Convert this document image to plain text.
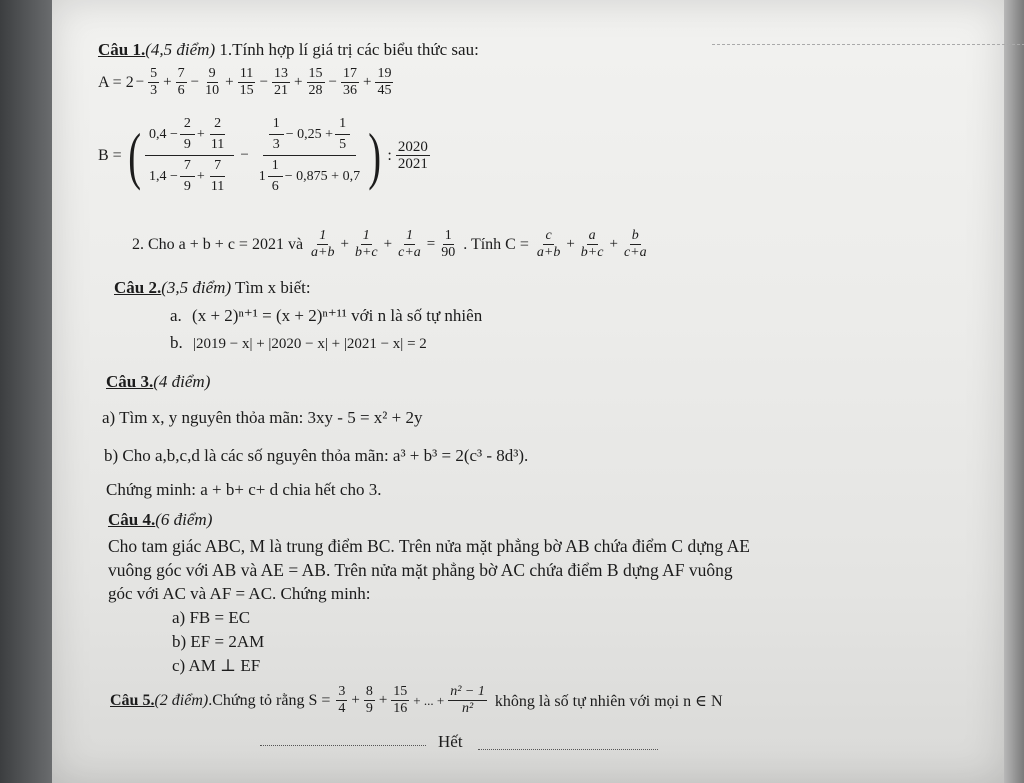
Câu 1.(4,5 điểm) 1.Tính hợp lí giá trị các biểu thức sau:
$A = 2 - \frac{5}{3} + \frac{7}{6} - \frac{9}{10} + \frac{11}{15} - \frac{13}{21} + \frac{15}{28} - \frac{17}{36} + \frac{19}{45}$
B = ( $\frac{0,4 - \frac{2}{9} + \frac{2}{11}}{1,4 - \frac{7}{9} + \frac{7}{11}} - \frac{\frac{1}{3} - 0,25 + \frac{1}{5}}{1 \frac{1}{6} - 0,875 + 0,7}$ ) : $\frac{2020}{2021}$
2. Cho a + b + c = 2021 và $\frac{1}{a+b} + \frac{1}{b+c} + \frac{1}{c+a} = \frac{1}{90}$ . Tính $C = \frac{c}{a+b} + \frac{a}{b+c} + \frac{b}{c+a}$
Câu 2.(3,5 điểm) Tìm x biết:
a. (x + 2)ⁿ⁺¹ = (x + 2)ⁿ⁺¹¹ với n là số tự nhiên
b. |2019 − x| + |2020 − x| + |2021 − x| = 2
Câu 3.(4 điểm)
a) Tìm x, y nguyên thỏa mãn: 3xy - 5 = x² + 2y
b) Cho a,b,c,d là các số nguyên thỏa mãn: a³ + b³ = 2(c³ - 8d³).
Chứng minh: a + b+ c+ d chia hết cho 3.
Câu 4.(6 điểm)
Cho tam giác ABC, M là trung điểm BC. Trên nửa mặt phẳng bờ AB chứa điểm C dựng AE
vuông góc với AB và AE = AB. Trên nửa mặt phẳng bờ AC chứa điểm B dựng AF vuông
góc với AC và AF = AC. Chứng minh:
a) FB = EC
b) EF = 2AM
c) AM ⊥ EF
Câu 5. (2 điểm) .Chứng tỏ rằng $S = \frac{3}{4} + \frac{8}{9} + \frac{15}{16}$ + ... + $\frac{\text{n² − 1}}{\text{n²}}$ không là số tự nhiên với mọi n ∈ N
Hết
